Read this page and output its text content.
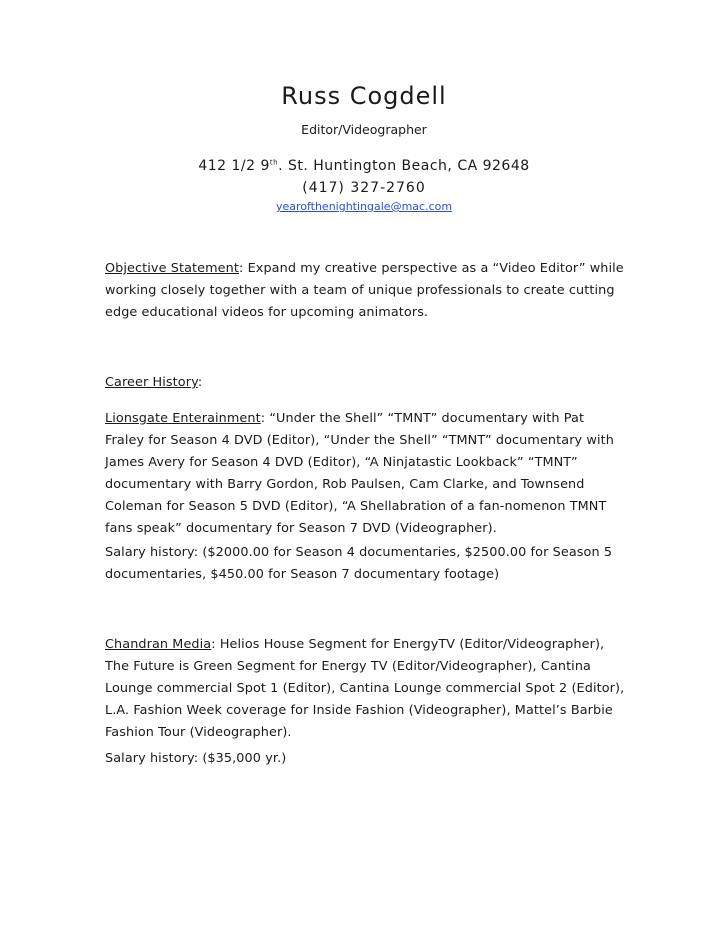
Russ Cogdell
Editor/Videographer
412 1/2 9th. St. Huntington Beach, CA 92648
(417) 327-2760
yearofthenightingale@mac.com
Objective Statement: Expand my creative perspective as a “Video Editor” while working closely together with a team of unique professionals to create cutting edge educational videos for upcoming animators.
Career History:
Lionsgate Enterainment: “Under the Shell” “TMNT” documentary with Pat Fraley for Season 4 DVD (Editor), “Under the Shell” “TMNT” documentary with James Avery for Season 4 DVD (Editor), “A Ninjatastic Lookback” “TMNT” documentary with Barry Gordon, Rob Paulsen, Cam Clarke, and Townsend Coleman for Season 5 DVD (Editor), “A Shellabration of a fan-nomenon TMNT fans speak” documentary for Season 7 DVD (Videographer).
Salary history: ($2000.00 for Season 4 documentaries, $2500.00 for Season 5 documentaries, $450.00 for Season 7 documentary footage)
Chandran Media: Helios House Segment for EnergyTV (Editor/Videographer), The Future is Green Segment for Energy TV (Editor/Videographer), Cantina Lounge commercial Spot 1 (Editor), Cantina Lounge commercial Spot 2 (Editor), L.A. Fashion Week coverage for Inside Fashion (Videographer), Mattel’s Barbie Fashion Tour (Videographer).
Salary history: ($35,000 yr.)
